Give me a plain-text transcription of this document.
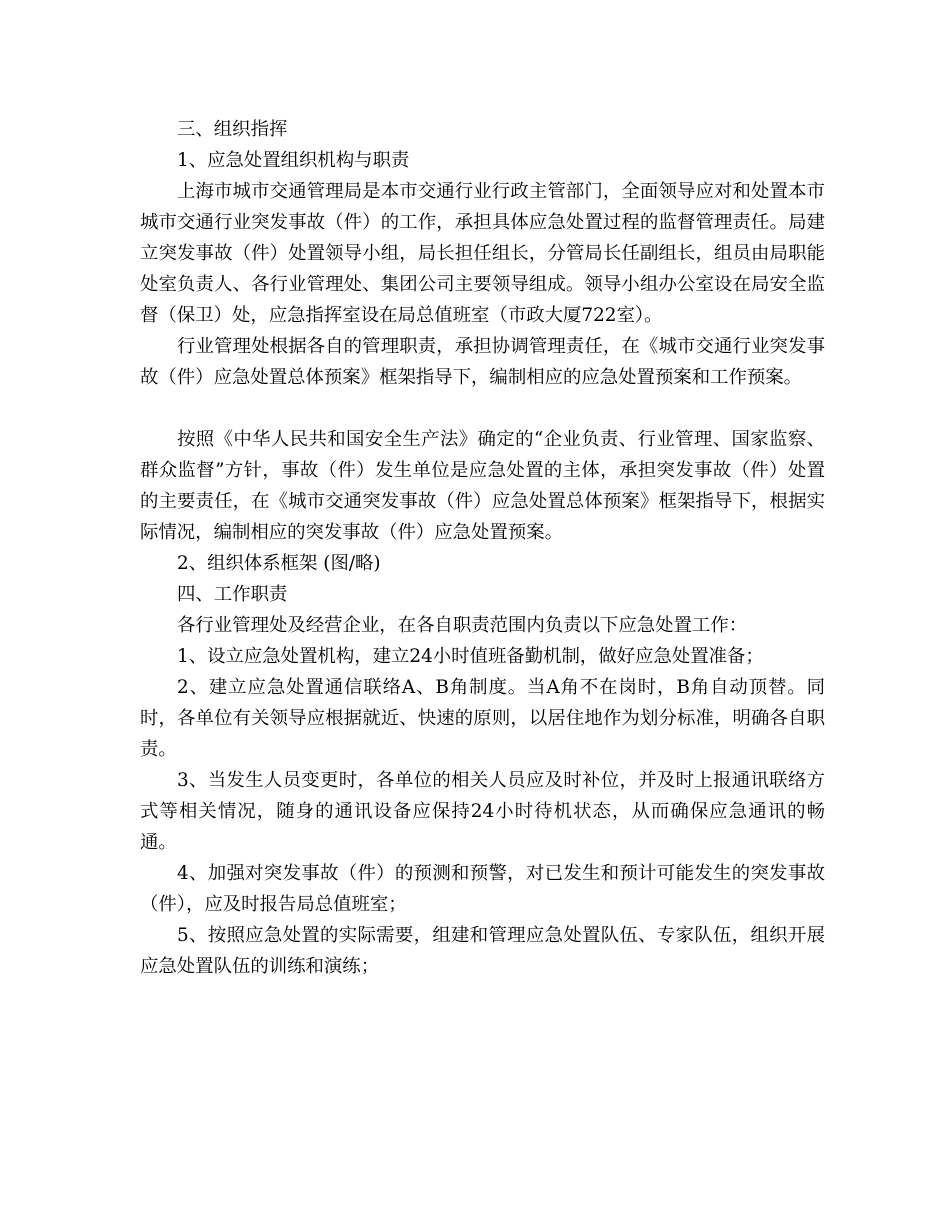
三、组织指挥

1、应急处置组织机构与职责

上海市城市交通管理局是本市交通行业行政主管部门，全面领导应对和处置本市城市交通行业突发事故（件）的工作，承担具体应急处置过程的监督管理责任。局建立突发事故（件）处置领导小组，局长担任组长，分管局长任副组长，组员由局职能处室负责人、各行业管理处、集团公司主要领导组成。领导小组办公室设在局安全监督（保卫）处，应急指挥室设在局总值班室（市政大厦722室）。

行业管理处根据各自的管理职责，承担协调管理责任，在《城市交通行业突发事故（件）应急处置总体预案》框架指导下，编制相应的应急处置预案和工作预案。

按照《中华人民共和国安全生产法》确定的“企业负责、行业管理、国家监察、群众监督”方针，事故（件）发生单位是应急处置的主体，承担突发事故（件）处置的主要责任，在《城市交通突发事故（件）应急处置总体预案》框架指导下，根据实际情况，编制相应的突发事故（件）应急处置预案。

2、组织体系框架 (图/略)

四、工作职责

各行业管理处及经营企业，在各自职责范围内负责以下应急处置工作：

1、设立应急处置机构，建立24小时值班备勤机制，做好应急处置准备；

2、建立应急处置通信联络A、B角制度。当A角不在岗时，B角自动顶替。同时，各单位有关领导应根据就近、快速的原则，以居住地作为划分标准，明确各自职责。

3、当发生人员变更时，各单位的相关人员应及时补位，并及时上报通讯联络方式等相关情况，随身的通讯设备应保持24小时待机状态，从而确保应急通讯的畅通。

4、加强对突发事故（件）的预测和预警，对已发生和预计可能发生的突发事故（件），应及时报告局总值班室；

5、按照应急处置的实际需要，组建和管理应急处置队伍、专家队伍，组织开展应急处置队伍的训练和演练；
